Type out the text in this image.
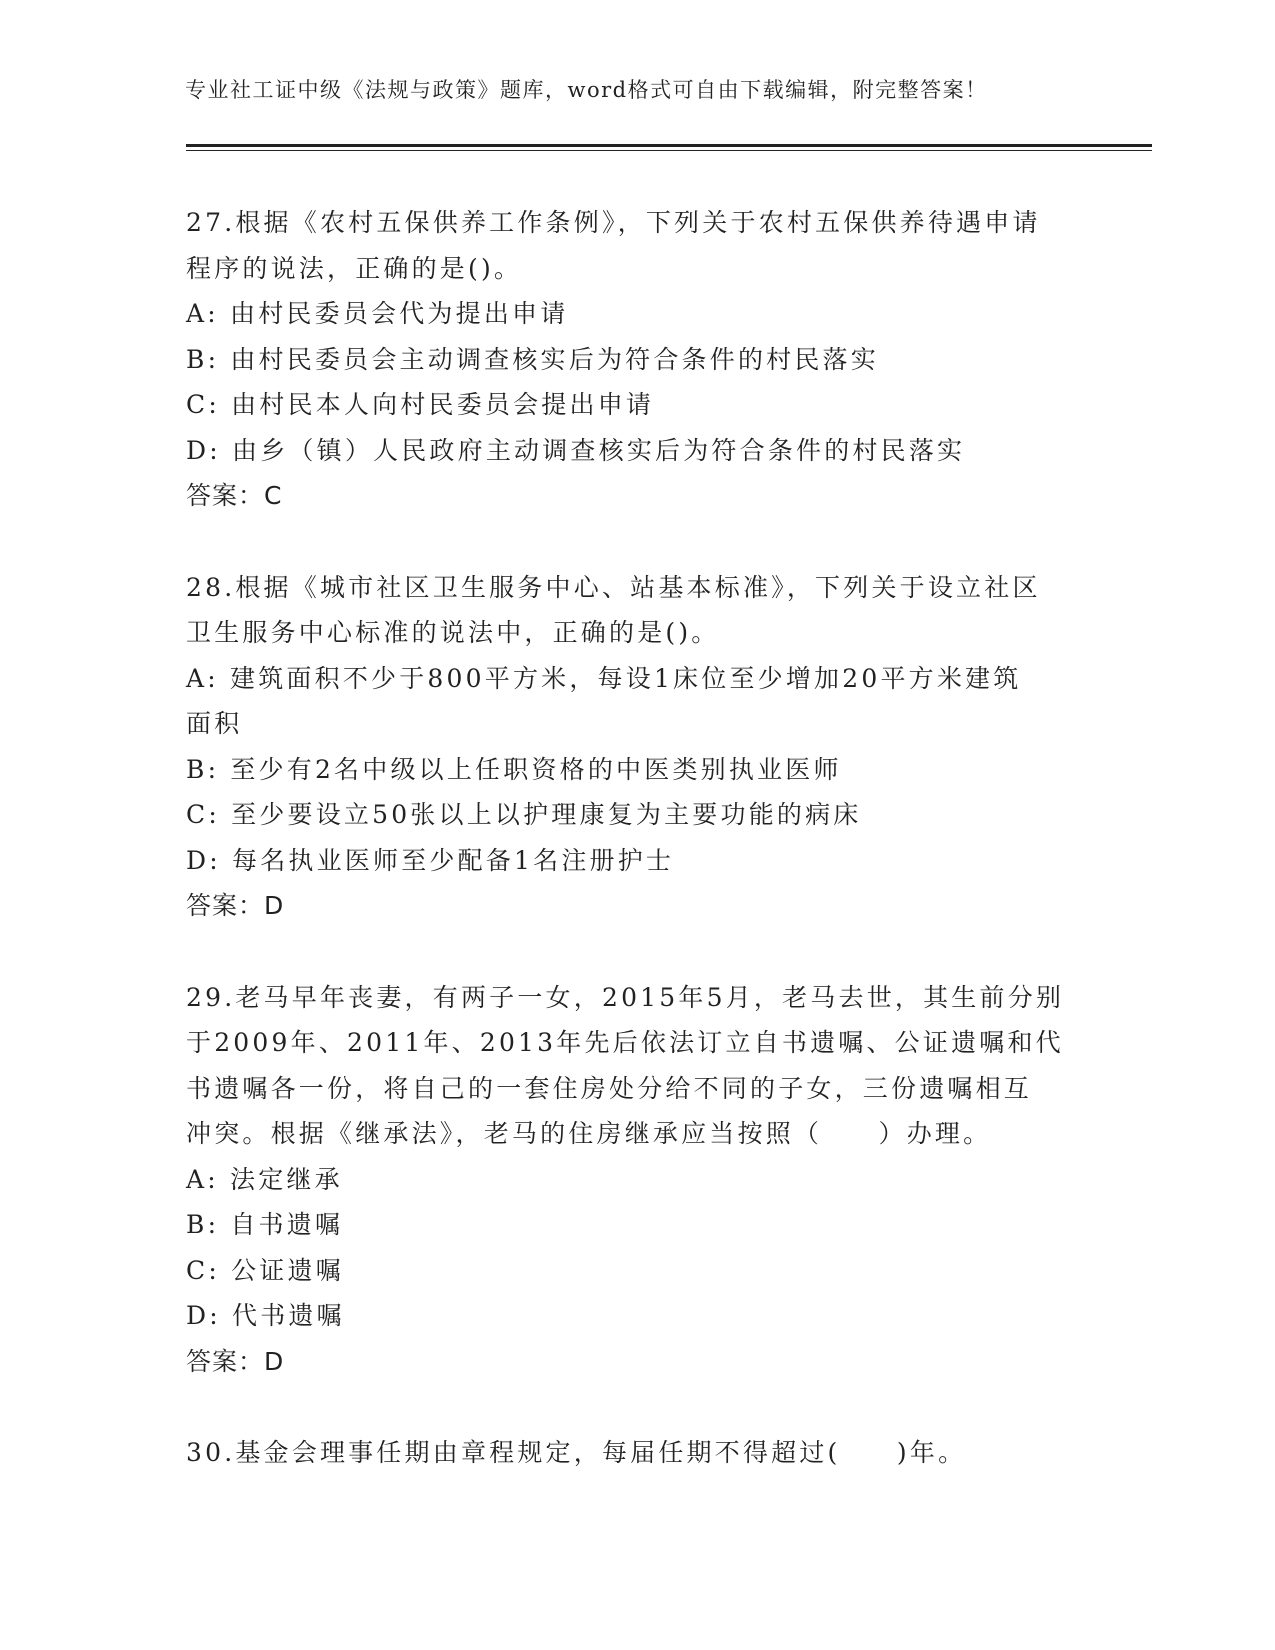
专业社工证中级《法规与政策》题库，word格式可自由下载编辑，附完整答案！

27.根据《农村五保供养工作条例》，下列关于农村五保供养待遇申请

程序的说法，正确的是()。

A: 由村民委员会代为提出申请

B: 由村民委员会主动调查核实后为符合条件的村民落实

C: 由村民本人向村民委员会提出申请

D: 由乡（镇）人民政府主动调查核实后为符合条件的村民落实

答案：C

28.根据《城市社区卫生服务中心、站基本标准》，下列关于设立社区

卫生服务中心标准的说法中，正确的是()。

A: 建筑面积不少于800平方米，每设1床位至少增加20平方米建筑

面积

B: 至少有2名中级以上任职资格的中医类别执业医师

C: 至少要设立50张以上以护理康复为主要功能的病床

D: 每名执业医师至少配备1名注册护士

答案：D

29.老马早年丧妻，有两子一女，2015年5月，老马去世，其生前分别

于2009年、2011年、2013年先后依法订立自书遗嘱、公证遗嘱和代

书遗嘱各一份，将自己的一套住房处分给不同的子女，三份遗嘱相互

冲突。根据《继承法》，老马的住房继承应当按照（　　）办理。

A: 法定继承

B: 自书遗嘱

C: 公证遗嘱

D: 代书遗嘱

答案：D

30.基金会理事任期由章程规定，每届任期不得超过(　　)年。
